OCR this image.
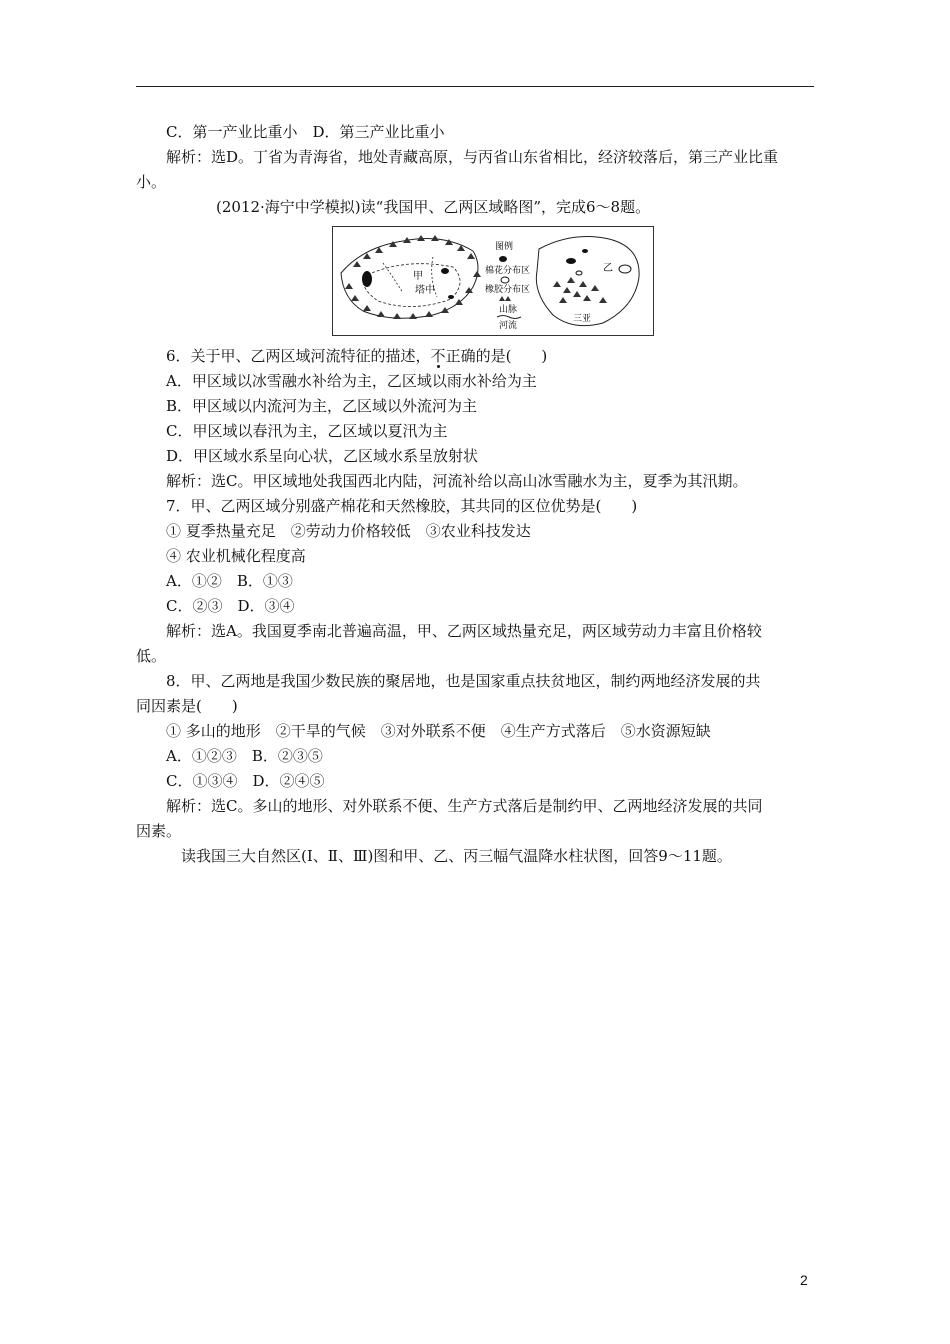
C．第一产业比重小　D．第三产业比重小
解析：选D。丁省为青海省，地处青藏高原，与丙省山东省相比，经济较落后，第三产业比重
小。
(2012·海宁中学模拟)读“我国甲、乙两区域略图”，完成6～8题。
甲
塔中
图例
棉花分布区
橡胶分布区
山脉
河流
乙
三亚
6．关于甲、乙两区域河流特征的描述，不正确的是(　　)
A．甲区域以冰雪融水补给为主，乙区域以雨水补给为主
B．甲区域以内流河为主，乙区域以外流河为主
C．甲区域以春汛为主，乙区域以夏汛为主
D．甲区域水系呈向心状，乙区域水系呈放射状
解析：选C。甲区域地处我国西北内陆，河流补给以高山冰雪融水为主，夏季为其汛期。
7．甲、乙两区域分别盛产棉花和天然橡胶，其共同的区位优势是(　　)
① 夏季热量充足　②劳动力价格较低　③农业科技发达
④ 农业机械化程度高
A．①②　B．①③
C．②③　D．③④
解析：选A。我国夏季南北普遍高温，甲、乙两区域热量充足，两区域劳动力丰富且价格较
低。
8．甲、乙两地是我国少数民族的聚居地，也是国家重点扶贫地区，制约两地经济发展的共
同因素是(　　)
① 多山的地形　②干旱的气候　③对外联系不便　④生产方式落后　⑤水资源短缺
A．①②③　B．②③⑤
C．①③④　D．②④⑤
解析：选C。多山的地形、对外联系不便、生产方式落后是制约甲、乙两地经济发展的共同
因素。
读我国三大自然区(Ⅰ、Ⅱ、Ⅲ)图和甲、乙、丙三幅气温降水柱状图，回答9～11题。
2
